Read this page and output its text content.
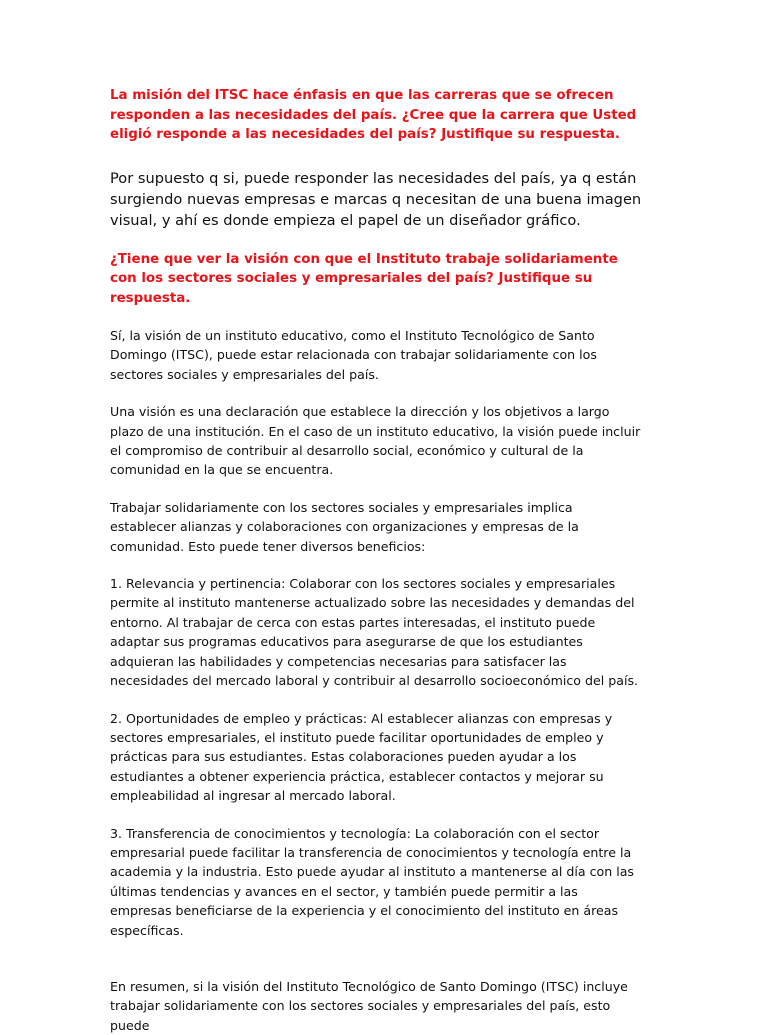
La misión del ITSC hace énfasis en que las carreras que se ofrecen responden a las necesidades del país. ¿Cree que la carrera que Usted eligió responde a las necesidades del país? Justifique su respuesta.

Por supuesto q si, puede responder las necesidades del país, ya q están surgiendo nuevas empresas e marcas q necesitan de una buena imagen visual, y ahí es donde empieza el papel de un diseñador gráfico.

¿Tiene que ver la visión con que el Instituto trabaje solidariamente con los sectores sociales y empresariales del país? Justifique su respuesta.

Sí, la visión de un instituto educativo, como el Instituto Tecnológico de Santo Domingo (ITSC), puede estar relacionada con trabajar solidariamente con los sectores sociales y empresariales del país.

Una visión es una declaración que establece la dirección y los objetivos a largo plazo de una institución. En el caso de un instituto educativo, la visión puede incluir el compromiso de contribuir al desarrollo social, económico y cultural de la comunidad en la que se encuentra.

Trabajar solidariamente con los sectores sociales y empresariales implica establecer alianzas y colaboraciones con organizaciones y empresas de la comunidad. Esto puede tener diversos beneficios:

1. Relevancia y pertinencia: Colaborar con los sectores sociales y empresariales permite al instituto mantenerse actualizado sobre las necesidades y demandas del entorno. Al trabajar de cerca con estas partes interesadas, el instituto puede adaptar sus programas educativos para asegurarse de que los estudiantes adquieran las habilidades y competencias necesarias para satisfacer las necesidades del mercado laboral y contribuir al desarrollo socioeconómico del país.

2. Oportunidades de empleo y prácticas: Al establecer alianzas con empresas y sectores empresariales, el instituto puede facilitar oportunidades de empleo y prácticas para sus estudiantes. Estas colaboraciones pueden ayudar a los estudiantes a obtener experiencia práctica, establecer contactos y mejorar su empleabilidad al ingresar al mercado laboral.

3. Transferencia de conocimientos y tecnología: La colaboración con el sector empresarial puede facilitar la transferencia de conocimientos y tecnología entre la academia y la industria. Esto puede ayudar al instituto a mantenerse al día con las últimas tendencias y avances en el sector, y también puede permitir a las empresas beneficiarse de la experiencia y el conocimiento del instituto en áreas específicas.

En resumen, si la visión del Instituto Tecnológico de Santo Domingo (ITSC) incluye trabajar solidariamente con los sectores sociales y empresariales del país, esto puede
